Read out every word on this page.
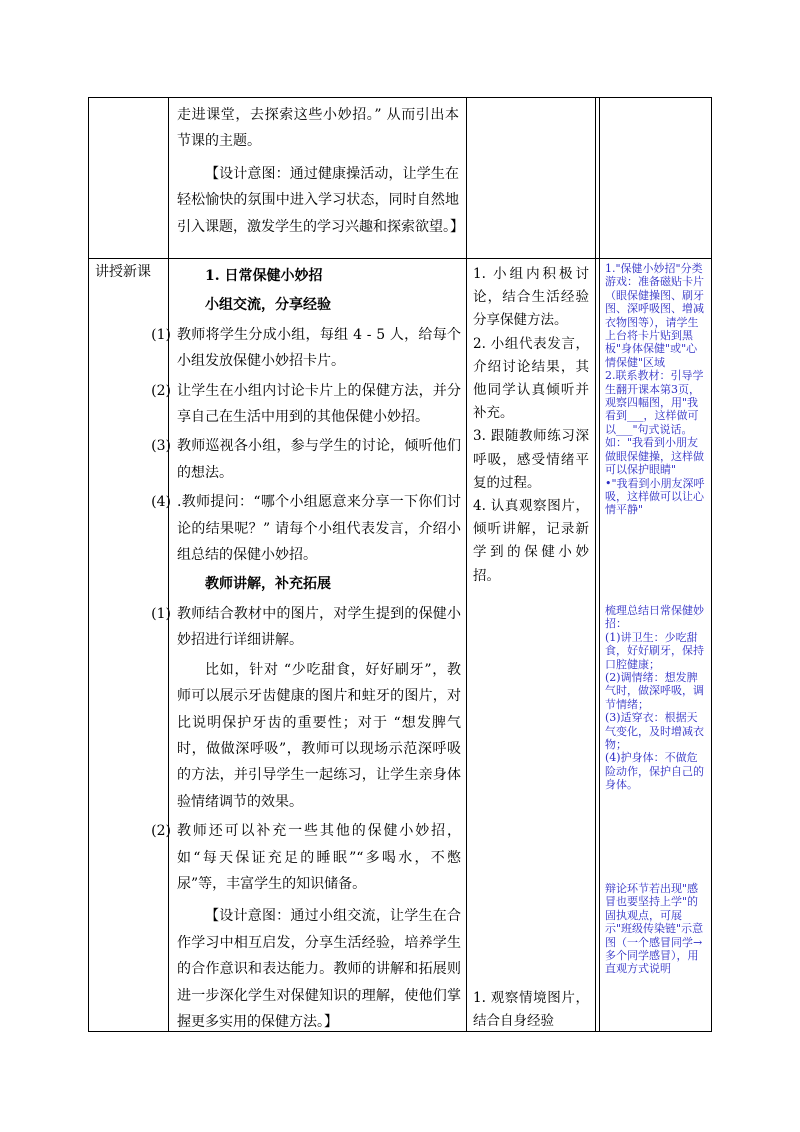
走进课堂，去探索这些小妙招。” 从而引出本节课的主题。

【设计意图：通过健康操活动，让学生在轻松愉快的氛围中进入学习状态，同时自然地引入课题，激发学生的学习兴趣和探索欲望。】

讲授新课	1. 日常保健小妙招

小组交流，分享经验

(1) 教师将学生分成小组，每组 4 - 5 人，给每个小组发放保健小妙招卡片。

(2) 让学生在小组内讨论卡片上的保健方法，并分享自己在生活中用到的其他保健小妙招。

(3) 教师巡视各小组，参与学生的讨论，倾听他们的想法。

(4) .教师提问：“哪个小组愿意来分享一下你们讨论的结果呢？” 请每个小组代表发言，介绍小组总结的保健小妙招。

教师讲解，补充拓展

(1) 教师结合教材中的图片，对学生提到的保健小妙招进行详细讲解。

比如，针对 “少吃甜食，好好刷牙”，教师可以展示牙齿健康的图片和蛀牙的图片，对比说明保护牙齿的重要性；对于 “想发脾气时，做做深呼吸”，教师可以现场示范深呼吸的方法，并引导学生一起练习，让学生亲身体验情绪调节的效果。

(2) 教师还可以补充一些其他的保健小妙招，如“每天保证充足的睡眠”“多喝水，不憋尿”等，丰富学生的知识储备。

【设计意图：通过小组交流，让学生在合作学习中相互启发，分享生活经验，培养学生的合作意识和表达能力。教师的讲解和拓展则进一步深化学生对保健知识的理解，使他们掌握更多实用的保健方法。】

1. 小组内积极讨论，结合生活经验分享保健方法。

2. 小组代表发言，介绍讨论结果，其他同学认真倾听并补充。

3. 跟随教师练习深呼吸，感受情绪平复的过程。

4. 认真观察图片，倾听讲解，记录新学到的保健小妙招。

1. 观察情境图片，结合自身经验

1."保健小妙招"分类游戏：准备磁贴卡片（眼保健操图、刷牙图、深呼吸图、增减衣物图等），请学生上台将卡片贴到黑板"身体保健"或"心情保健"区域

2.联系教材：引导学生翻开课本第3页，观察四幅图，用"我看到___，这样做可以___"句式说话。

如："我看到小朋友做眼保健操，这样做可以保护眼睛"

•"我看到小朋友深呼吸，这样做可以让心情平静"

梳理总结日常保健妙招：

(1)讲卫生：少吃甜食，好好刷牙，保持口腔健康；

(2)调情绪：想发脾气时，做深呼吸，调节情绪；

(3)适穿衣：根据天气变化，及时增减衣物；

(4)护身体：不做危险动作，保护自己的身体。

辩论环节若出现"感冒也要坚持上学"的固执观点，可展示"班级传染链"示意图（一个感冒同学→多个同学感冒），用直观方式说明
